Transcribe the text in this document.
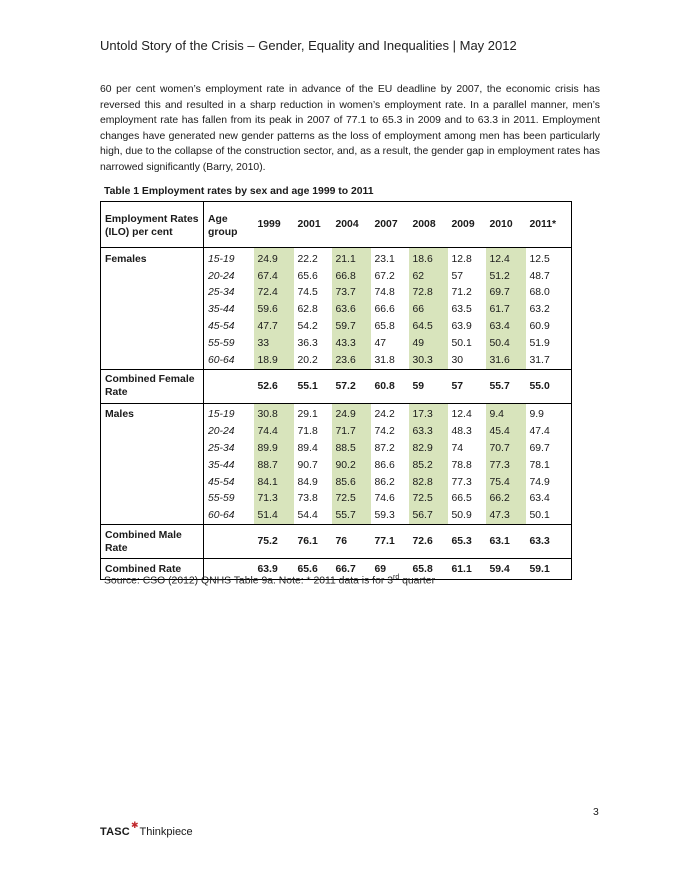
Untold Story of the Crisis – Gender, Equality and Inequalities | May 2012
60 per cent women’s employment rate in advance of the EU deadline by 2007, the economic crisis has reversed this and resulted in a sharp reduction in women’s employment rate. In a parallel manner, men’s employment rate has fallen from its peak in 2007 of 77.1 to 65.3 in 2009 and to 63.3 in 2011. Employment changes have generated new gender patterns as the loss of employment among men has been particularly high, due to the collapse of the construction sector, and, as a result, the gender gap in employment rates has narrowed significantly (Barry, 2010).
Table 1 Employment rates by sex and age 1999 to 2011
Employment Rates (ILO) per cent	Age group	1999	2001	2004	2007	2008	2009	2010	2011*
Females	15-19	24.9	22.2	21.1	23.1	18.6	12.8	12.4	12.5
	20-24	67.4	65.6	66.8	67.2	62	57	51.2	48.7
	25-34	72.4	74.5	73.7	74.8	72.8	71.2	69.7	68.0
	35-44	59.6	62.8	63.6	66.6	66	63.5	61.7	63.2
	45-54	47.7	54.2	59.7	65.8	64.5	63.9	63.4	60.9
	55-59	33	36.3	43.3	47	49	50.1	50.4	51.9
	60-64	18.9	20.2	23.6	31.8	30.3	30	31.6	31.7
Combined Female Rate		52.6	55.1	57.2	60.8	59	57	55.7	55.0
Males	15-19	30.8	29.1	24.9	24.2	17.3	12.4	9.4	9.9
	20-24	74.4	71.8	71.7	74.2	63.3	48.3	45.4	47.4
	25-34	89.9	89.4	88.5	87.2	82.9	74	70.7	69.7
	35-44	88.7	90.7	90.2	86.6	85.2	78.8	77.3	78.1
	45-54	84.1	84.9	85.6	86.2	82.8	77.3	75.4	74.9
	55-59	71.3	73.8	72.5	74.6	72.5	66.5	66.2	63.4
	60-64	51.4	54.4	55.7	59.3	56.7	50.9	47.3	50.1
Combined Male Rate		75.2	76.1	76	77.1	72.6	65.3	63.1	63.3
Combined Rate		63.9	65.6	66.7	69	65.8	61.1	59.4	59.1
Source: CSO (2012) QNHS Table 9a. Note: * 2011 data is for 3rd quarter
3
TASC
✱
Thinkpiece
